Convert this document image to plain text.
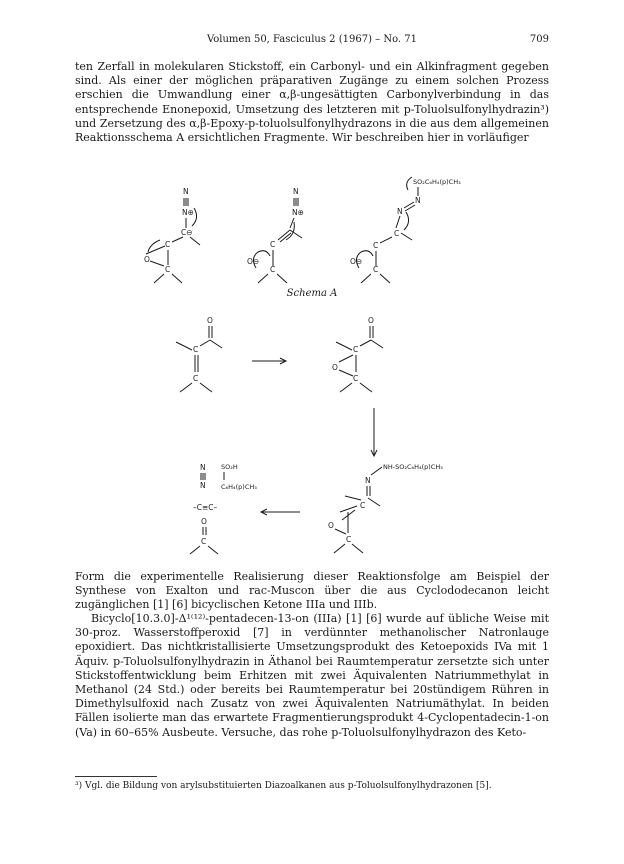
Volumen 50, Fasciculus 2 (1967) – No. 71	709

ten Zerfall in molekularen Stickstoff, ein Carbonyl- und ein Alkinfragment gegeben sind. Als einer der möglichen präparativen Zugänge zu einem solchen Prozess erschien die Umwandlung einer α,β-ungesättigten Carbonylverbindung in das entsprechende Enonepoxid, Umsetzung des letzteren mit p-Toluolsulfonylhydrazin³) und Zersetzung des α,β-Epoxy-p-toluolsulfonylhydrazons in die aus dem allgemeinen Reaktionsschema A ersichtlichen Fragmente. Wir beschreiben hier in vorläufiger

N
N⊕
C⊖
C
O
C
N
N⊕
C
O⊖
C
SO₂C₆H₄(p)CH₃
N
N
C
C
O⊖
C
O
C
C
O
C
O
C
N
N
SO₂H
C₆H₄(p)CH₃
–C≡C–
O
C
NH-SO₂C₆H₄(p)CH₃
N
C
O
C
Schema A

Form die experimentelle Realisierung dieser Reaktionsfolge am Beispiel der Synthese von Exalton und rac-Muscon über die aus Cyclododecanon leicht zugänglichen [1] [6] bicyclischen Ketone IIIa und IIIb.

Bicyclo[10.3.0]-Δ¹⁽¹²⁾-pentadecen-13-on (IIIa) [1] [6] wurde auf übliche Weise mit 30-proz. Wasserstoffperoxid [7] in verdünnter methanolischer Natronlauge epoxidiert. Das nichtkristallisierte Umsetzungsprodukt des Ketoepoxids IVa mit 1 Äquiv. p-Toluolsulfonylhydrazin in Äthanol bei Raumtemperatur zersetzte sich unter Stickstoffentwicklung beim Erhitzen mit zwei Äquivalenten Natriummethylat in Methanol (24 Std.) oder bereits bei Raumtemperatur bei 20stündigem Rühren in Dimethylsulfoxid nach Zusatz von zwei Äquivalenten Natriumäthylat. In beiden Fällen isolierte man das erwartete Fragmentierungsprodukt 4-Cyclopentadecin-1-on (Va) in 60–65% Ausbeute. Versuche, das rohe p-Toluolsulfonylhydrazon des Keto-

³) Vgl. die Bildung von arylsubstituierten Diazoalkanen aus p-Toluolsulfonylhydrazonen [5].
